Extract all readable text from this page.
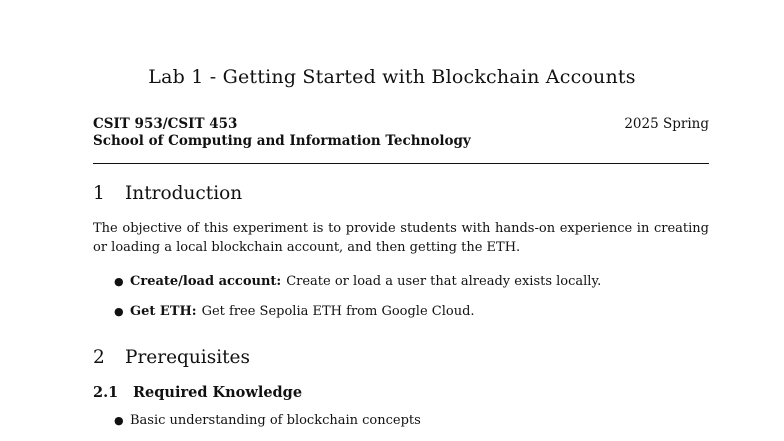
Lab 1 - Getting Started with Blockchain Accounts
CSIT 953/CSIT 453	2025 Spring
School of Computing and Information Technology
1	Introduction
The objective of this experiment is to provide students with hands-on experience in creating or loading a local blockchain account, and then getting the ETH.
● Create/load account: Create or load a user that already exists locally.
● Get ETH: Get free Sepolia ETH from Google Cloud.
2	Prerequisites
2.1	Required Knowledge
● Basic understanding of blockchain concepts
